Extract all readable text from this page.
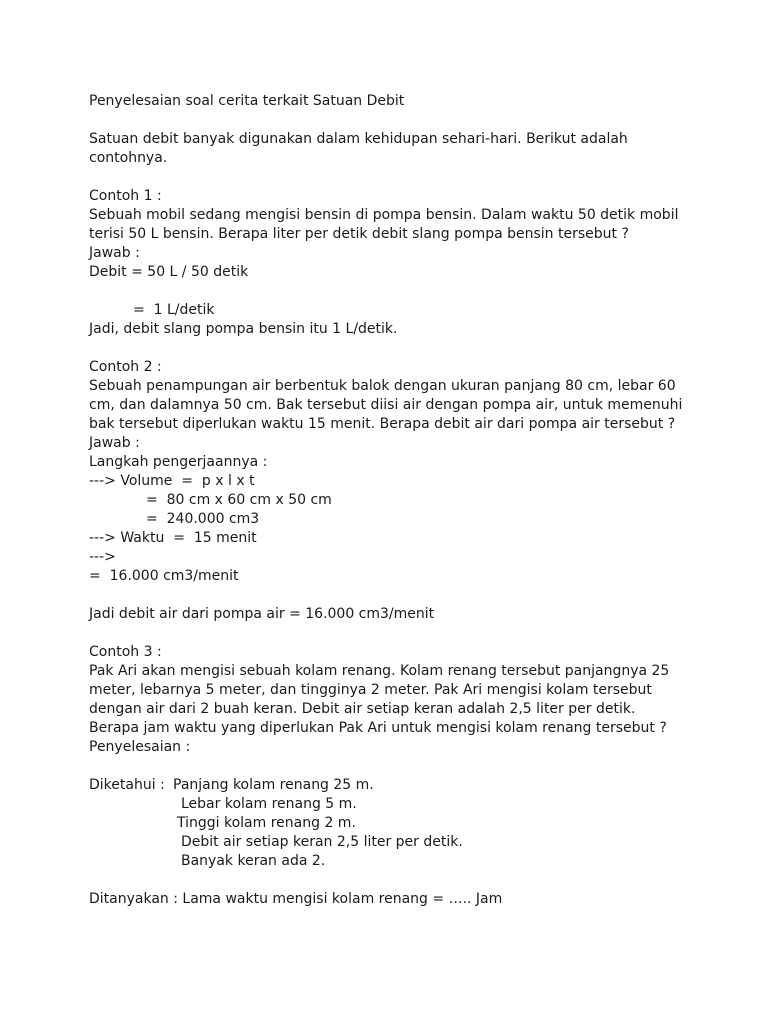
Penyelesaian soal cerita terkait Satuan Debit
Satuan debit banyak digunakan dalam kehidupan sehari-hari. Berikut adalah
contohnya.
Contoh 1 :
Sebuah mobil sedang mengisi bensin di pompa bensin. Dalam waktu 50 detik mobil
terisi 50 L bensin. Berapa liter per detik debit slang pompa bensin tersebut ?
Jawab :
Debit = 50 L / 50 detik
=  1 L/detik
Jadi, debit slang pompa bensin itu 1 L/detik.
Contoh 2 :
Sebuah penampungan air berbentuk balok dengan ukuran panjang 80 cm, lebar 60
cm, dan dalamnya 50 cm. Bak tersebut diisi air dengan pompa air, untuk memenuhi
bak tersebut diperlukan waktu 15 menit. Berapa debit air dari pompa air tersebut ?
Jawab :
Langkah pengerjaannya :
---> Volume  =  p x l x t
=  80 cm x 60 cm x 50 cm
=  240.000 cm3
---> Waktu  =  15 menit
--->
=  16.000 cm3/menit
Jadi debit air dari pompa air = 16.000 cm3/menit
Contoh 3 :
Pak Ari akan mengisi sebuah kolam renang. Kolam renang tersebut panjangnya 25
meter, lebarnya 5 meter, dan tingginya 2 meter. Pak Ari mengisi kolam tersebut
dengan air dari 2 buah keran. Debit air setiap keran adalah 2,5 liter per detik.
Berapa jam waktu yang diperlukan Pak Ari untuk mengisi kolam renang tersebut ?
Penyelesaian :
Diketahui : Panjang kolam renang 25 m.
Lebar kolam renang 5 m.
Tinggi kolam renang 2 m.
Debit air setiap keran 2,5 liter per detik.
Banyak keran ada 2.
Ditanyakan : Lama waktu mengisi kolam renang = ….. Jam
